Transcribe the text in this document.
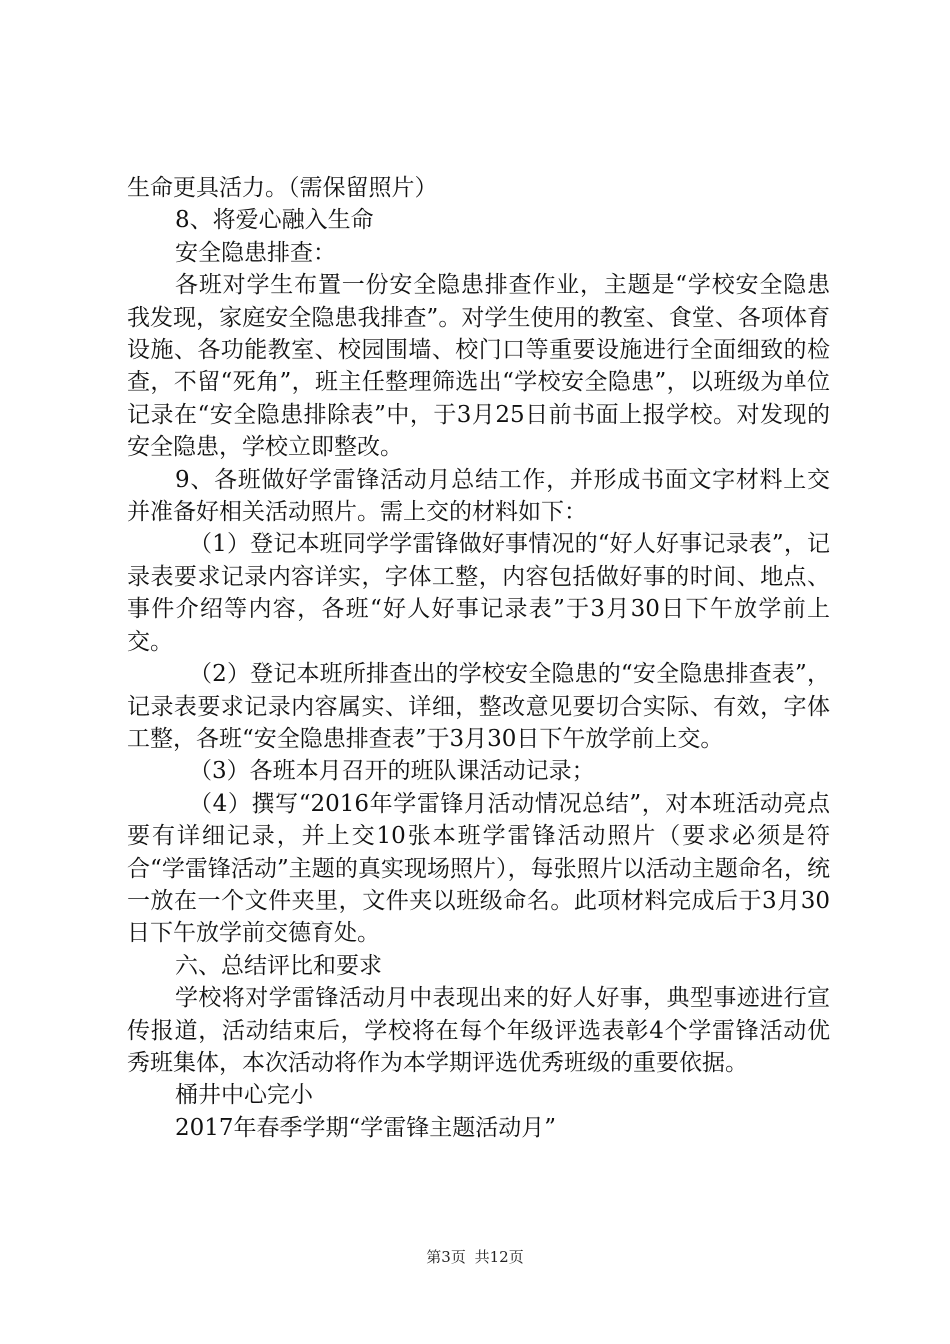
生命更具活力。（需保留照片）

8、将爱心融入生命

安全隐患排查：

各班对学生布置一份安全隐患排查作业，主题是“学校安全隐患我发现，家庭安全隐患我排查”。对学生使用的教室、食堂、各项体育设施、各功能教室、校园围墙、校门口等重要设施进行全面细致的检查，不留“死角”，班主任整理筛选出“学校安全隐患”，以班级为单位记录在“安全隐患排除表”中，于3月25日前书面上报学校。对发现的安全隐患，学校立即整改。

9、各班做好学雷锋活动月总结工作，并形成书面文字材料上交并准备好相关活动照片。需上交的材料如下：

（1）登记本班同学学雷锋做好事情况的“好人好事记录表”，记录表要求记录内容详实，字体工整，内容包括做好事的时间、地点、事件介绍等内容，各班“好人好事记录表”于3月30日下午放学前上交。

（2）登记本班所排查出的学校安全隐患的“安全隐患排查表”，记录表要求记录内容属实、详细，整改意见要切合实际、有效，字体工整，各班“安全隐患排查表”于3月30日下午放学前上交。

（3）各班本月召开的班队课活动记录；

（4）撰写“2016年学雷锋月活动情况总结”，对本班活动亮点要有详细记录，并上交10张本班学雷锋活动照片（要求必须是符合“学雷锋活动”主题的真实现场照片），每张照片以活动主题命名，统一放在一个文件夹里，文件夹以班级命名。此项材料完成后于3月30日下午放学前交德育处。

六、总结评比和要求

学校将对学雷锋活动月中表现出来的好人好事，典型事迹进行宣传报道，活动结束后，学校将在每个年级评选表彰4个学雷锋活动优秀班集体，本次活动将作为本学期评选优秀班级的重要依据。

桶井中心完小

2017年春季学期“学雷锋主题活动月”

第3页 共12页
